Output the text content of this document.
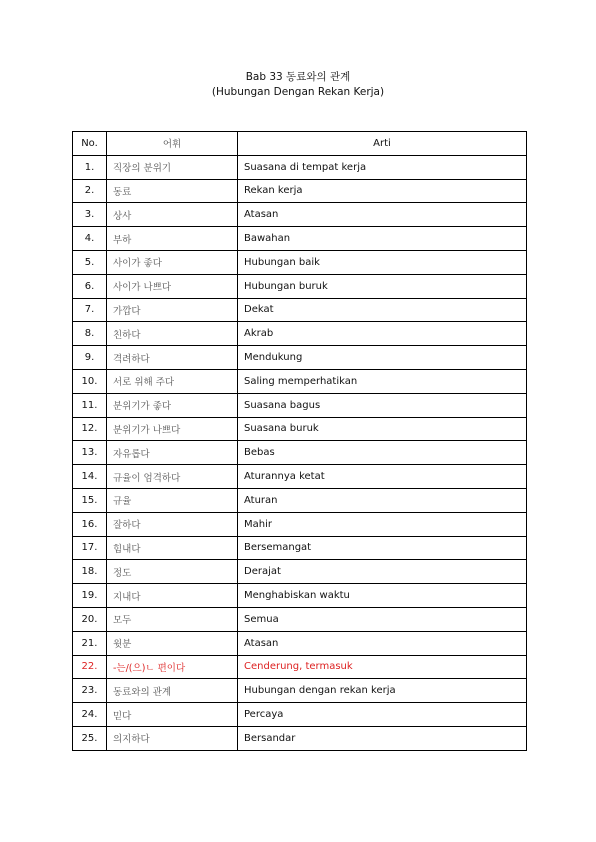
Bab 33 동료와의 관계
(Hubungan Dengan Rekan Kerja)
No.	어휘	Arti
1.	직장의 분위기	Suasana di tempat kerja
2.	동료	Rekan kerja
3.	상사	Atasan
4.	부하	Bawahan
5.	사이가 좋다	Hubungan baik
6.	사이가 나쁘다	Hubungan buruk
7.	가깝다	Dekat
8.	친하다	Akrab
9.	격려하다	Mendukung
10.	서로 위해 주다	Saling memperhatikan
11.	분위기가 좋다	Suasana bagus
12.	분위기가 나쁘다	Suasana buruk
13.	자유롭다	Bebas
14.	규율이 엄격하다	Aturannya ketat
15.	규율	Aturan
16.	잘하다	Mahir
17.	힘내다	Bersemangat
18.	정도	Derajat
19.	지내다	Menghabiskan waktu
20.	모두	Semua
21.	윗분	Atasan
22.	-는/(으)ㄴ 편이다	Cenderung, termasuk
23.	동료와의 관계	Hubungan dengan rekan kerja
24.	믿다	Percaya
25.	의지하다	Bersandar
